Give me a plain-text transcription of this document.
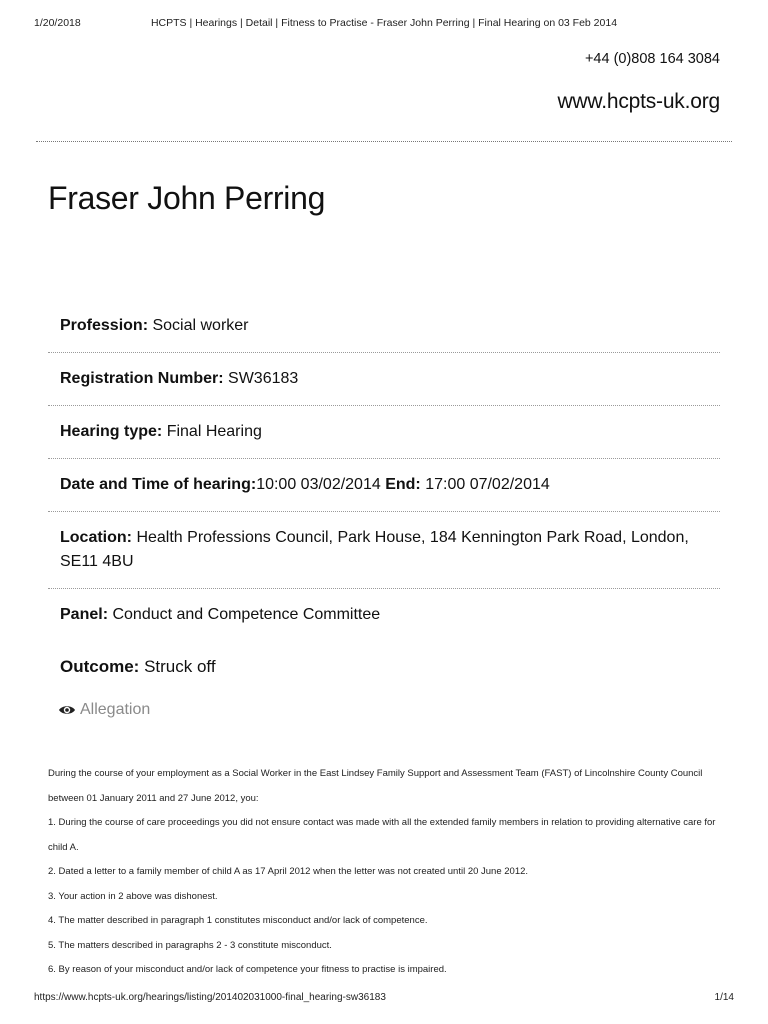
1/20/2018	HCPTS | Hearings | Detail | Fitness to Practise - Fraser John Perring | Final Hearing on 03 Feb 2014
+44 (0)808 164 3084
www.hcpts-uk.org
Fraser John Perring
Profession: Social worker
Registration Number: SW36183
Hearing type: Final Hearing
Date and Time of hearing:10:00 03/02/2014 End: 17:00 07/02/2014
Location: Health Professions Council, Park House, 184 Kennington Park Road, London, SE11 4BU
Panel: Conduct and Competence Committee
Outcome: Struck off
Allegation

During the course of your employment as a Social Worker in the East Lindsey Family Support and Assessment Team (FAST) of Lincolnshire County Council between 01 January 2011 and 27 June 2012, you:

1. During the course of care proceedings you did not ensure contact was made with all the extended family members in relation to providing alternative care for child A.

2. Dated a letter to a family member of child A as 17 April 2012 when the letter was not created until 20 June 2012.

3. Your action in 2 above was dishonest.

4. The matter described in paragraph 1 constitutes misconduct and/or lack of competence.

5. The matters described in paragraphs 2 - 3 constitute misconduct.

6. By reason of your misconduct and/or lack of competence your fitness to practise is impaired.

https://www.hcpts-uk.org/hearings/listing/20140203100​0-final_hearing-sw36183	1/14
